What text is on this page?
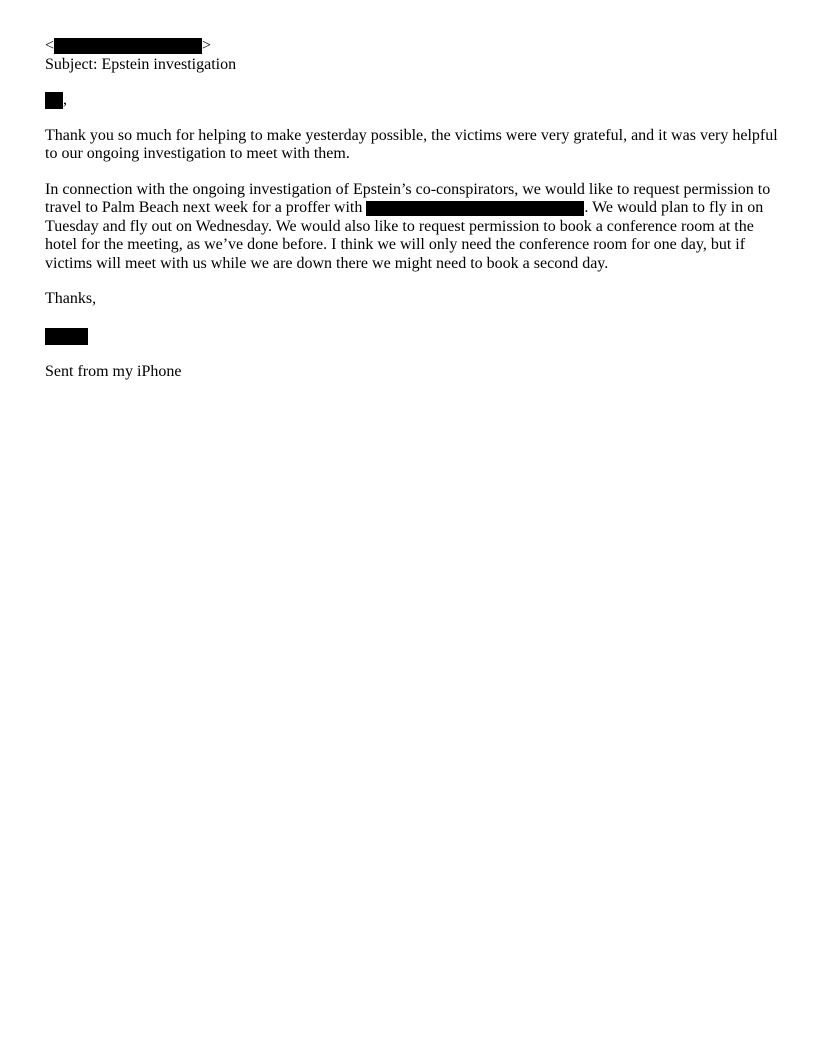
<	>

Subject: Epstein investigation

,

Thank you so much for helping to make yesterday possible, the victims were very grateful, and it was very helpful to our ongoing investigation to meet with them.

In connection with the ongoing investigation of Epstein’s co-conspirators, we would like to request permission to travel to Palm Beach next week for a proffer with	. We would plan to fly in on Tuesday and fly out on Wednesday. We would also like to request permission to book a conference room at the hotel for the meeting, as we’ve done before. I think we will only need the conference room for one day, but if victims will meet with us while we are down there we might need to book a second day.

Thanks,

Sent from my iPhone
